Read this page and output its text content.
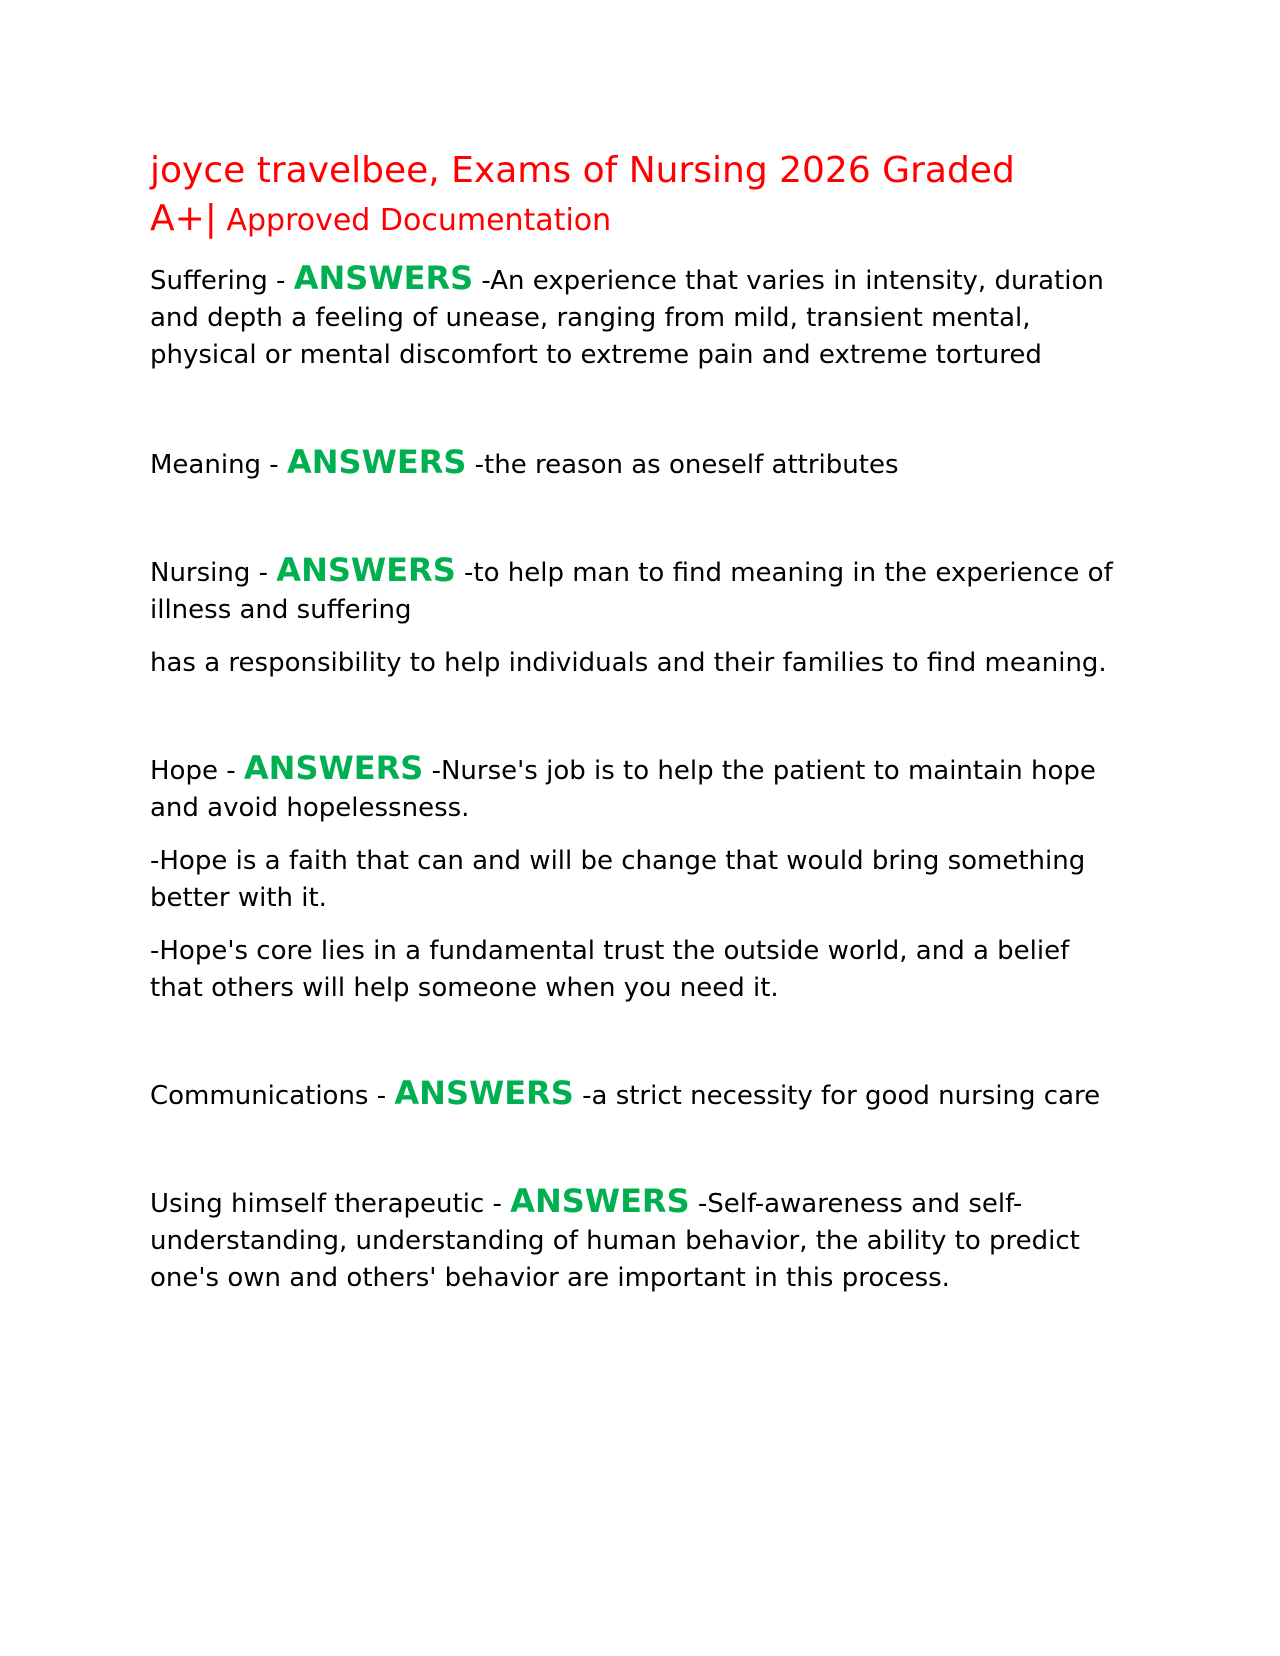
joyce travelbee, Exams of Nursing 2026 Graded
A+| Approved Documentation

Suffering - ANSWERS -An experience that varies in intensity, duration and depth a feeling of unease, ranging from mild, transient mental, physical or mental discomfort to extreme pain and extreme tortured

Meaning - ANSWERS -the reason as oneself attributes

Nursing - ANSWERS -to help man to find meaning in the experience of illness and suffering

has a responsibility to help individuals and their families to find meaning.

Hope - ANSWERS -Nurse's job is to help the patient to maintain hope and avoid hopelessness.

-Hope is a faith that can and will be change that would bring something better with it.

-Hope's core lies in a fundamental trust the outside world, and a belief that others will help someone when you need it.

Communications - ANSWERS -a strict necessity for good nursing care

Using himself therapeutic - ANSWERS -Self-awareness and self-understanding, understanding of human behavior, the ability to predict one's own and others' behavior are important in this process.
